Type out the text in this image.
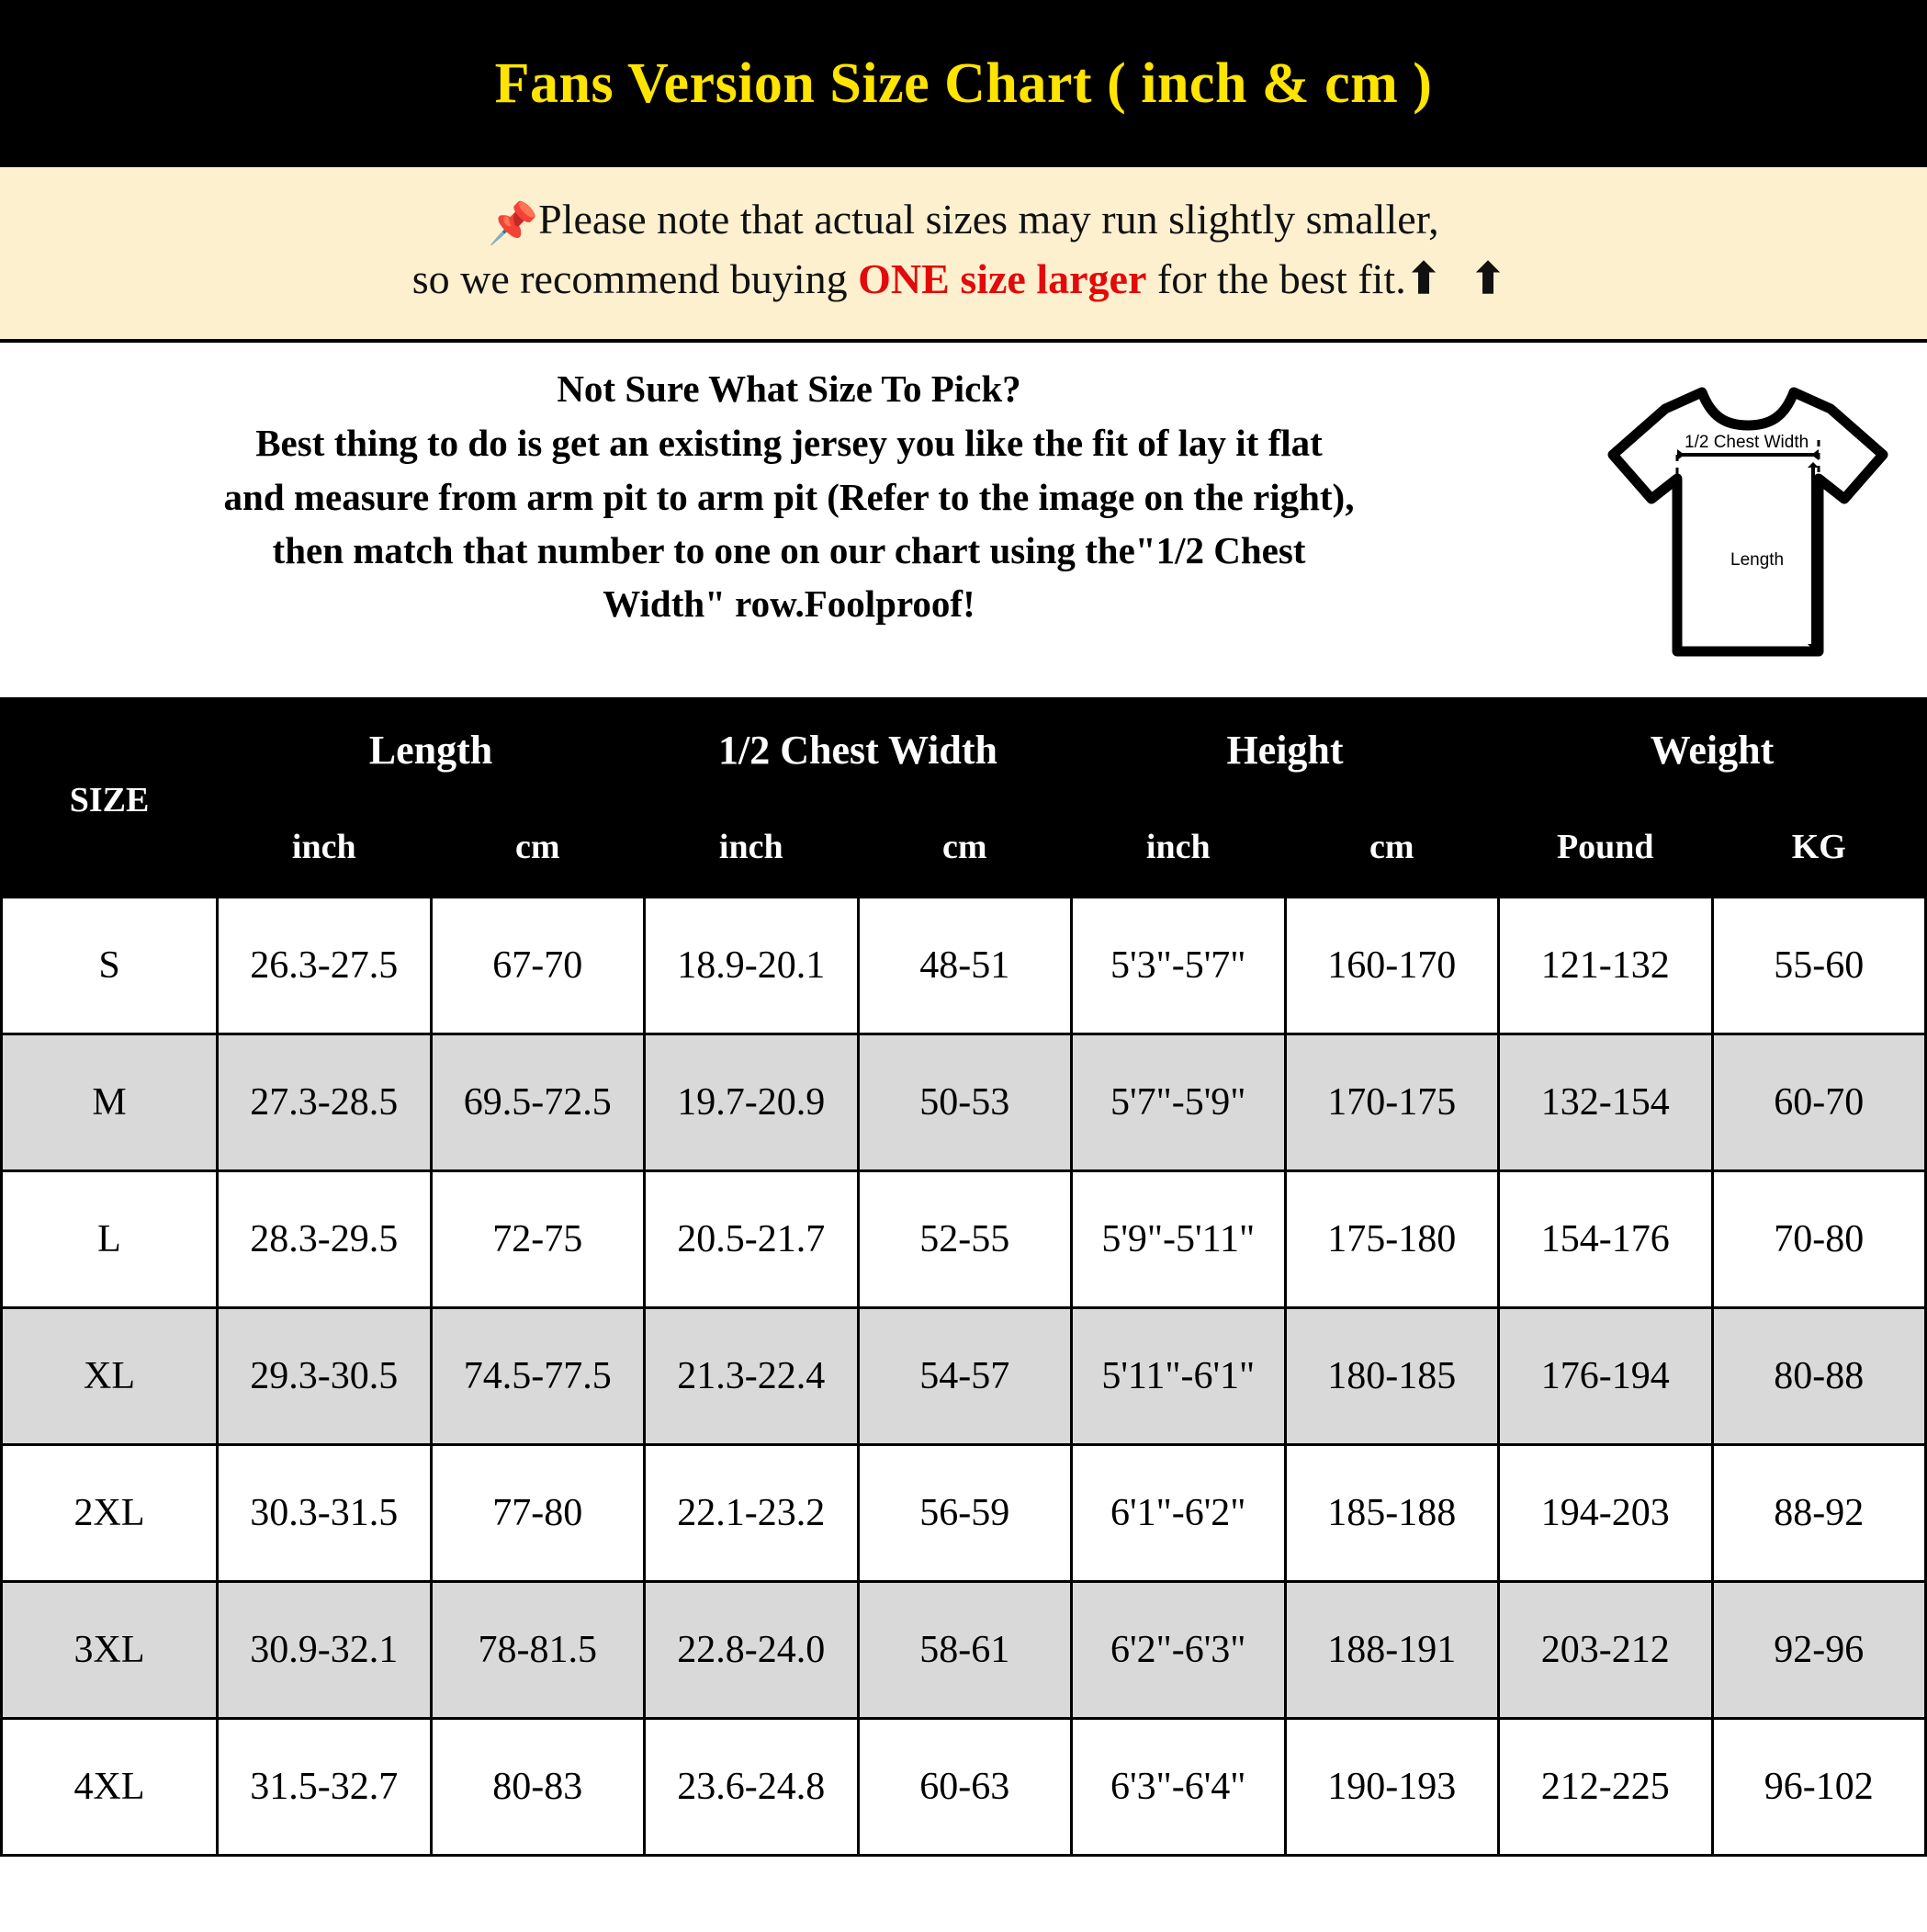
Fans Version Size Chart ( inch & cm )
📌Please note that actual sizes may run slightly smaller,
so we recommend buying ONE size larger for the best fit.⬆ ⬆
Not Sure What Size To Pick?
Best thing to do is get an existing jersey you like the fit of lay it flat
and measure from arm pit to arm pit (Refer to the image on the right),
then match that number to one on our chart using the"1/2 Chest
Width" row.Foolproof!
1/2 Chest Width
Length
SIZE	Length		1/2 Chest Width		Height		Weight	
	inch	cm	inch	cm	inch	cm	Pound	KG
S	26.3-27.5	67-70	18.9-20.1	48-51	5'3"-5'7"	160-170	121-132	55-60
M	27.3-28.5	69.5-72.5	19.7-20.9	50-53	5'7"-5'9"	170-175	132-154	60-70
L	28.3-29.5	72-75	20.5-21.7	52-55	5'9"-5'11"	175-180	154-176	70-80
XL	29.3-30.5	74.5-77.5	21.3-22.4	54-57	5'11"-6'1"	180-185	176-194	80-88
2XL	30.3-31.5	77-80	22.1-23.2	56-59	6'1"-6'2"	185-188	194-203	88-92
3XL	30.9-32.1	78-81.5	22.8-24.0	58-61	6'2"-6'3"	188-191	203-212	92-96
4XL	31.5-32.7	80-83	23.6-24.8	60-63	6'3"-6'4"	190-193	212-225	96-102
